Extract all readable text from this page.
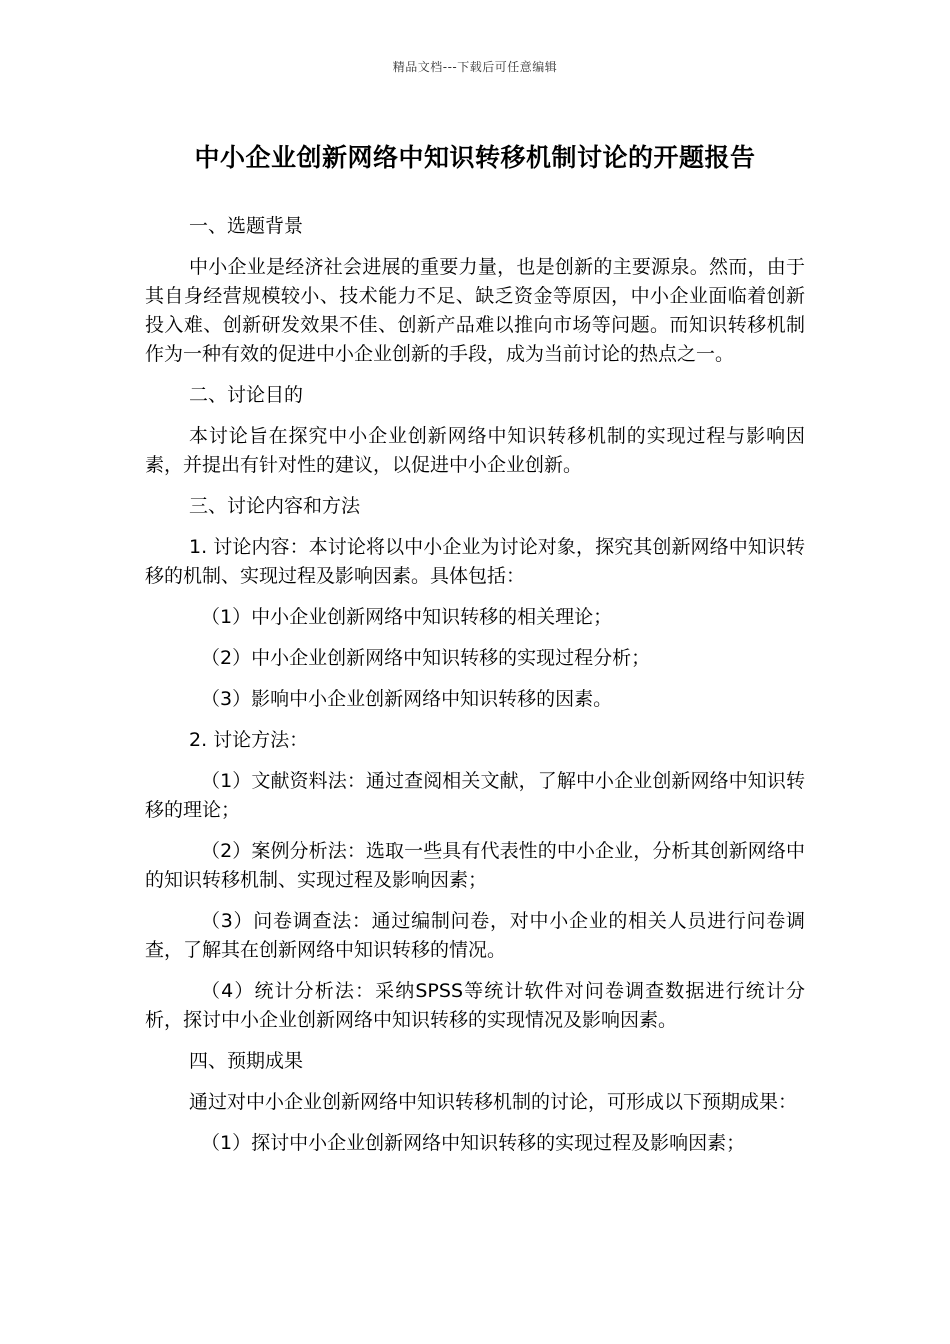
精品文档---下载后可任意编辑
中小企业创新网络中知识转移机制讨论的开题报告
一、选题背景
中小企业是经济社会进展的重要力量，也是创新的主要源泉。然而，由于其自身经营规模较小、技术能力不足、缺乏资金等原因，中小企业面临着创新投入难、创新研发效果不佳、创新产品难以推向市场等问题。而知识转移机制作为一种有效的促进中小企业创新的手段，成为当前讨论的热点之一。
二、讨论目的
本讨论旨在探究中小企业创新网络中知识转移机制的实现过程与影响因素，并提出有针对性的建议，以促进中小企业创新。
三、讨论内容和方法
1. 讨论内容：本讨论将以中小企业为讨论对象，探究其创新网络中知识转移的机制、实现过程及影响因素。具体包括：
（1）中小企业创新网络中知识转移的相关理论；
（2）中小企业创新网络中知识转移的实现过程分析；
（3）影响中小企业创新网络中知识转移的因素。
2. 讨论方法：
（1）文献资料法：通过查阅相关文献，了解中小企业创新网络中知识转移的理论；
（2）案例分析法：选取一些具有代表性的中小企业，分析其创新网络中的知识转移机制、实现过程及影响因素；
（3）问卷调查法：通过编制问卷，对中小企业的相关人员进行问卷调查，了解其在创新网络中知识转移的情况。
（4）统计分析法：采纳SPSS等统计软件对问卷调查数据进行统计分析，探讨中小企业创新网络中知识转移的实现情况及影响因素。
四、预期成果
通过对中小企业创新网络中知识转移机制的讨论，可形成以下预期成果：
（1）探讨中小企业创新网络中知识转移的实现过程及影响因素；
